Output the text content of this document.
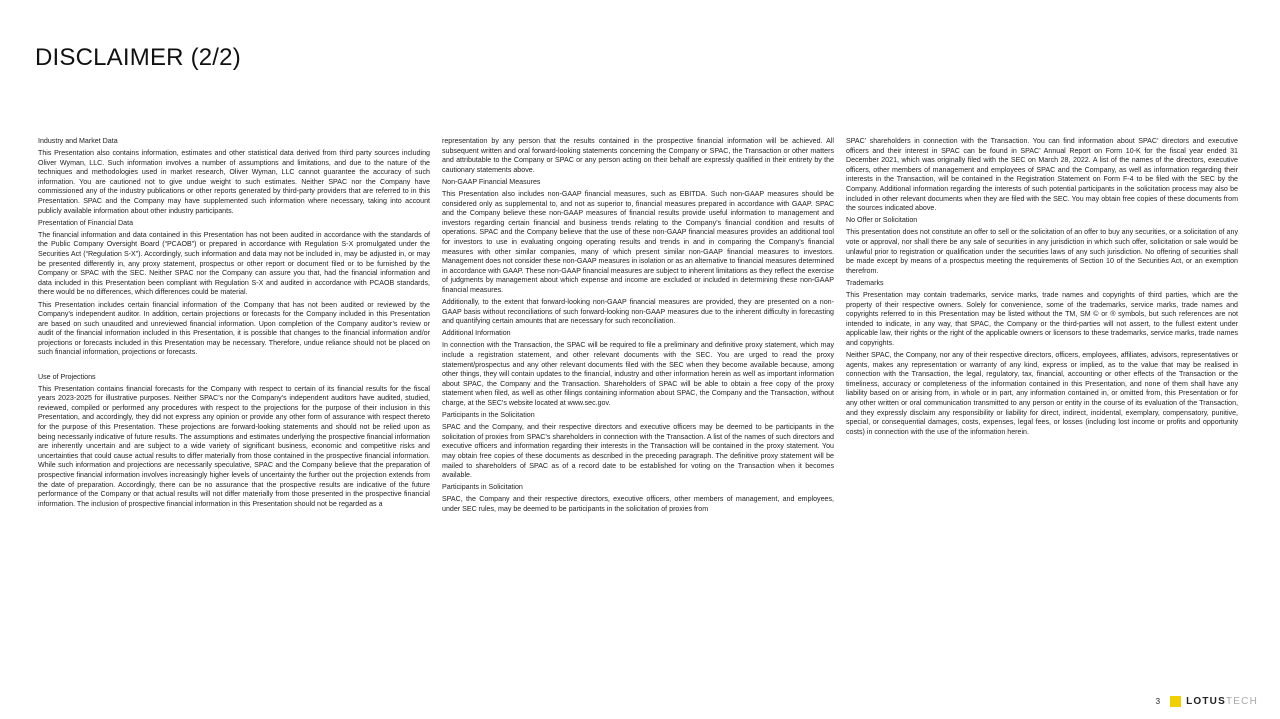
DISCLAIMER (2/2)

Industry and Market Data

This Presentation also contains information, estimates and other statistical data derived from third party sources including Oliver Wyman, LLC. Such information involves a number of assumptions and limitations, and due to the nature of the techniques and methodologies used in market research, Oliver Wyman, LLC cannot guarantee the accuracy of such information. You are cautioned not to give undue weight to such estimates. Neither SPAC nor the Company have commissioned any of the industry publications or other reports generated by third-party providers that are referred to in this Presentation. SPAC and the Company may have supplemented such information where necessary, taking into account publicly available information about other industry participants.

Presentation of Financial Data

The financial information and data contained in this Presentation has not been audited in accordance with the standards of the Public Company Oversight Board (“PCAOB”) or prepared in accordance with Regulation S-X promulgated under the Securities Act (“Regulation S-X”). Accordingly, such information and data may not be included in, may be adjusted in, or may be presented differently in, any proxy statement, prospectus or other report or document filed or to be furnished by the Company or SPAC with the SEC. Neither SPAC nor the Company can assure you that, had the financial information and data included in this Presentation been compliant with Regulation S-X and audited in accordance with PCAOB standards, there would be no differences, which differences could be material.

This Presentation includes certain financial information of the Company that has not been audited or reviewed by the Company’s independent auditor. In addition, certain projections or forecasts for the Company included in this Presentation are based on such unaudited and unreviewed financial information. Upon completion of the Company auditor’s review or audit of the financial information included in this Presentation, it is possible that changes to the financial information and/or projections or forecasts included in this Presentation may be necessary. Therefore, undue reliance should not be placed on such financial information, projections or forecasts.

Use of Projections

This Presentation contains financial forecasts for the Company with respect to certain of its financial results for the fiscal years 2023-2025 for illustrative purposes. Neither SPAC’s nor the Company’s independent auditors have audited, studied, reviewed, compiled or performed any procedures with respect to the projections for the purpose of their inclusion in this Presentation, and accordingly, they did not express any opinion or provide any other form of assurance with respect thereto for the purpose of this Presentation. These projections are forward-looking statements and should not be relied upon as being necessarily indicative of future results. The assumptions and estimates underlying the prospective financial information are inherently uncertain and are subject to a wide variety of significant business, economic and competitive risks and uncertainties that could cause actual results to differ materially from those contained in the prospective financial information. While such information and projections are necessarily speculative, SPAC and the Company believe that the preparation of prospective financial information involves increasingly higher levels of uncertainty the further out the projection extends from the date of preparation. Accordingly, there can be no assurance that the prospective results are indicative of the future performance of the Company or that actual results will not differ materially from those presented in the prospective financial information. The inclusion of prospective financial information in this Presentation should not be regarded as a

representation by any person that the results contained in the prospective financial information will be achieved. All subsequent written and oral forward-looking statements concerning the Company or SPAC, the Transaction or other matters and attributable to the Company or SPAC or any person acting on their behalf are expressly qualified in their entirety by the cautionary statements above.

Non-GAAP Financial Measures

This Presentation also includes non-GAAP financial measures, such as EBITDA. Such non-GAAP measures should be considered only as supplemental to, and not as superior to, financial measures prepared in accordance with GAAP. SPAC and the Company believe these non-GAAP measures of financial results provide useful information to management and investors regarding certain financial and business trends relating to the Company’s financial condition and results of operations. SPAC and the Company believe that the use of these non-GAAP financial measures provides an additional tool for investors to use in evaluating ongoing operating results and trends in and in comparing the Company’s financial measures with other similar companies, many of which present similar non-GAAP financial measures to investors. Management does not consider these non-GAAP measures in isolation or as an alternative to financial measures determined in accordance with GAAP. These non-GAAP financial measures are subject to inherent limitations as they reflect the exercise of judgments by management about which expense and income are excluded or included in determining these non-GAAP financial measures.

Additionally, to the extent that forward-looking non-GAAP financial measures are provided, they are presented on a non-GAAP basis without reconciliations of such forward-looking non-GAAP measures due to the inherent difficulty in forecasting and quantifying certain amounts that are necessary for such reconciliation.

Additional Information

In connection with the Transaction, the SPAC will be required to file a preliminary and definitive proxy statement, which may include a registration statement, and other relevant documents with the SEC. You are urged to read the proxy statement/prospectus and any other relevant documents filed with the SEC when they become available because, among other things, they will contain updates to the financial, industry and other information herein as well as important information about SPAC, the Company and the Transaction. Shareholders of SPAC will be able to obtain a free copy of the proxy statement when filed, as well as other filings containing information about SPAC, the Company and the Transaction, without charge, at the SEC’s website located at www.sec.gov.

Participants in the Solicitation

SPAC and the Company, and their respective directors and executive officers may be deemed to be participants in the solicitation of proxies from SPAC’s shareholders in connection with the Transaction. A list of the names of such directors and executive officers and information regarding their interests in the Transaction will be contained in the proxy statement. You may obtain free copies of these documents as described in the preceding paragraph. The definitive proxy statement will be mailed to shareholders of SPAC as of a record date to be established for voting on the Transaction when it becomes available.

Participants in Solicitation

SPAC, the Company and their respective directors, executive officers, other members of management, and employees, under SEC rules, may be deemed to be participants in the solicitation of proxies from

SPAC’ shareholders in connection with the Transaction. You can find information about SPAC’ directors and executive officers and their interest in SPAC can be found in SPAC’ Annual Report on Form 10-K for the fiscal year ended 31 December 2021, which was originally filed with the SEC on March 28, 2022. A list of the names of the directors, executive officers, other members of management and employees of SPAC and the Company, as well as information regarding their interests in the Transaction, will be contained in the Registration Statement on Form F-4 to be filed with the SEC by the Company. Additional information regarding the interests of such potential participants in the solicitation process may also be included in other relevant documents when they are filed with the SEC. You may obtain free copies of these documents from the sources indicated above.

No Offer or Solicitation

This presentation does not constitute an offer to sell or the solicitation of an offer to buy any securities, or a solicitation of any vote or approval, nor shall there be any sale of securities in any jurisdiction in which such offer, solicitation or sale would be unlawful prior to registration or qualification under the securities laws of any such jurisdiction. No offering of securities shall be made except by means of a prospectus meeting the requirements of Section 10 of the Securities Act, or an exemption therefrom.

Trademarks

This Presentation may contain trademarks, service marks, trade names and copyrights of third parties, which are the property of their respective owners. Solely for convenience, some of the trademarks, service marks, trade names and copyrights referred to in this Presentation may be listed without the TM, SM © or ® symbols, but such references are not intended to indicate, in any way, that SPAC, the Company or the third-parties will not assert, to the fullest extent under applicable law, their rights or the right of the applicable owners or licensors to these trademarks, service marks, trade names and copyrights.

Neither SPAC, the Company, nor any of their respective directors, officers, employees, affiliates, advisors, representatives or agents, makes any representation or warranty of any kind, express or implied, as to the value that may be realised in connection with the Transaction, the legal, regulatory, tax, financial, accounting or other effects of the Transaction or the timeliness, accuracy or completeness of the information contained in this Presentation, and none of them shall have any liability based on or arising from, in whole or in part, any information contained in, or omitted from, this Presentation or for any other written or oral communication transmitted to any person or entity in the course of its evaluation of the Transaction, and they expressly disclaim any responsibility or liability for direct, indirect, incidental, exemplary, compensatory, punitive, special, or consequential damages, costs, expenses, legal fees, or losses (including lost income or profits and opportunity costs) in connection with the use of the information herein.

3	LOTUSTECH
